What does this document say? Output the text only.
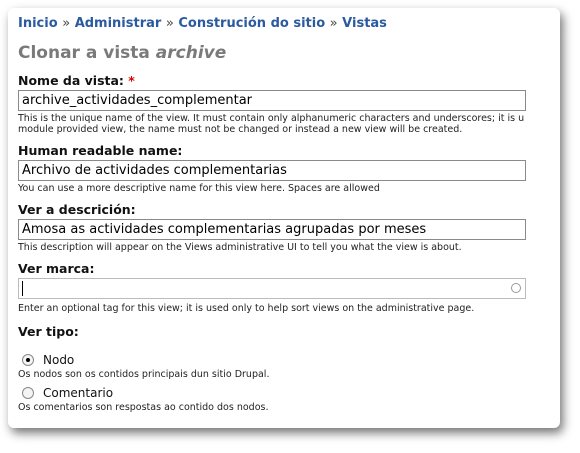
Inicio » Administrar » Construción do sitio » Vistas
Clonar a vista archive
Nome da vista: *
archive_actividades_complementar
This is the unique name of the view. It must contain only alphanumeric characters and underscores; it is u
module provided view, the name must not be changed or instead a new view will be created.
Human readable name:
Archivo de actividades complementarias
You can use a more descriptive name for this view here. Spaces are allowed
Ver a descrición:
Amosa as actividades complementarias agrupadas por meses
This description will appear on the Views administrative UI to tell you what the view is about.
Ver marca:
Enter an optional tag for this view; it is used only to help sort views on the administrative page.
Ver tipo:
Nodo
Os nodos son os contidos principais dun sitio Drupal.
Comentario
Os comentarios son respostas ao contido dos nodos.
